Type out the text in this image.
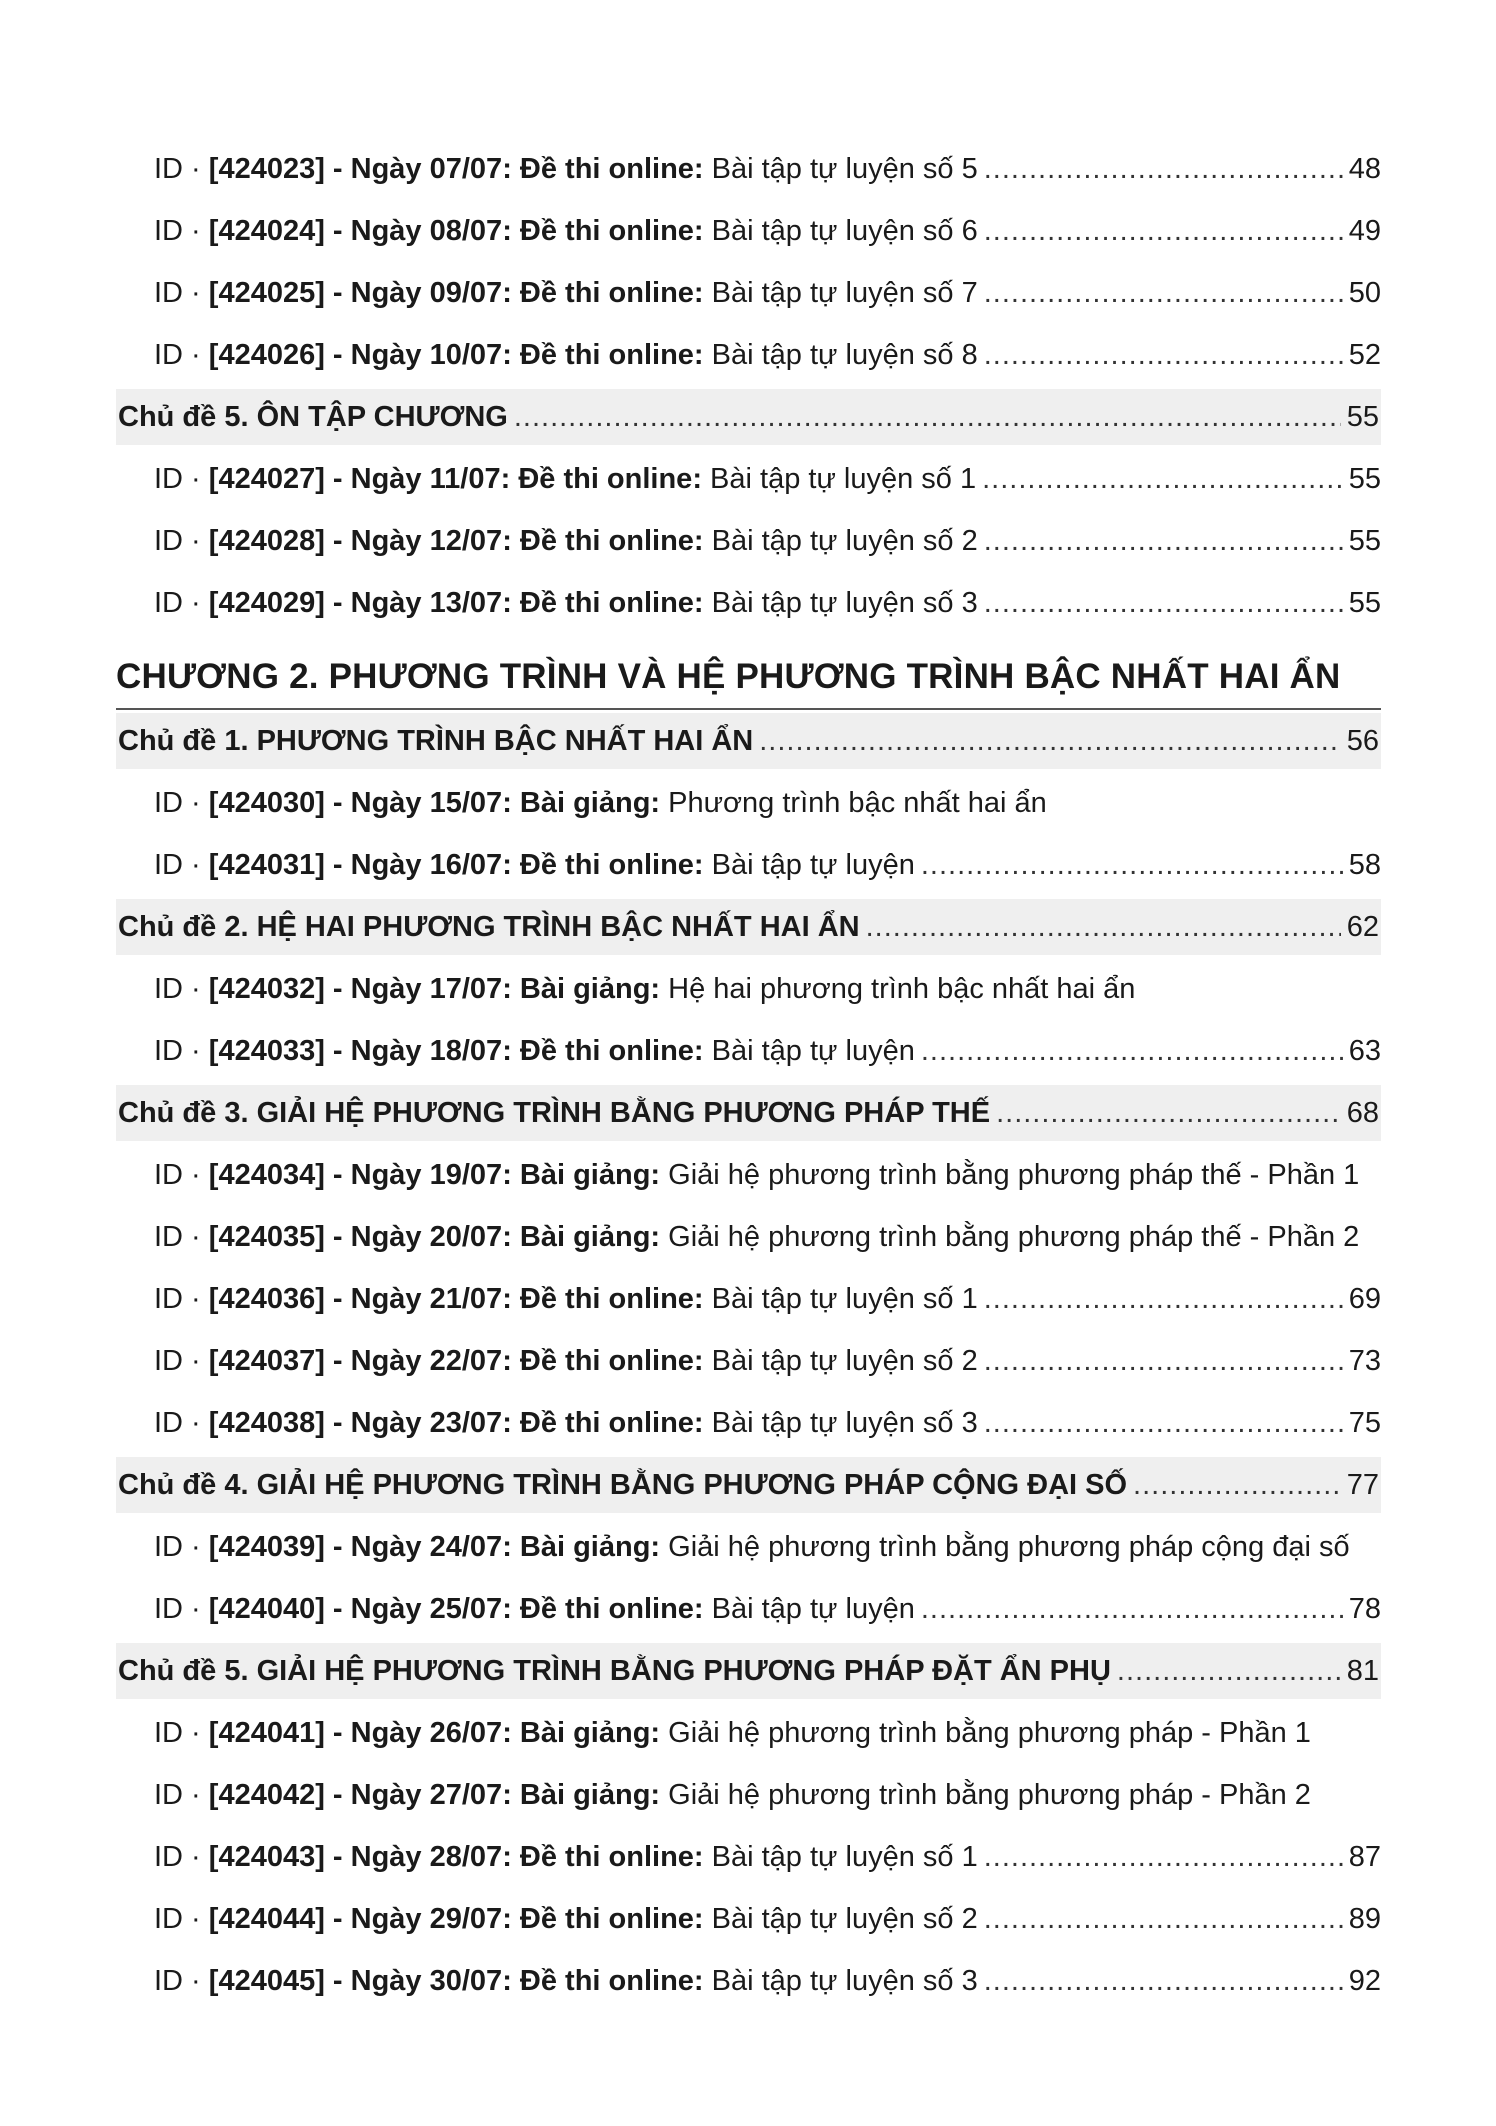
ID · [424023] - Ngày 07/07: Đề thi online: Bài tập tự luyện số 5 .....	48
ID · [424024] - Ngày 08/07: Đề thi online: Bài tập tự luyện số 6 .....	49
ID · [424025] - Ngày 09/07: Đề thi online: Bài tập tự luyện số 7 .....	50
ID · [424026] - Ngày 10/07: Đề thi online: Bài tập tự luyện số 8 .....	52
Chủ đề 5. ÔN TẬP CHƯƠNG .....	55
ID · [424027] - Ngày 11/07: Đề thi online: Bài tập tự luyện số 1 .....	55
ID · [424028] - Ngày 12/07: Đề thi online: Bài tập tự luyện số 2 .....	55
ID · [424029] - Ngày 13/07: Đề thi online: Bài tập tự luyện số 3 .....	55
CHƯƠNG 2. PHƯƠNG TRÌNH VÀ HỆ PHƯƠNG TRÌNH BẬC NHẤT HAI ẨN
Chủ đề 1. PHƯƠNG TRÌNH BẬC NHẤT HAI ẨN .....	56
ID · [424030] - Ngày 15/07: Bài giảng: Phương trình bậc nhất hai ẩn
ID · [424031] - Ngày 16/07: Đề thi online: Bài tập tự luyện .....	58
Chủ đề 2. HỆ HAI PHƯƠNG TRÌNH BẬC NHẤT HAI ẨN .....	62
ID · [424032] - Ngày 17/07: Bài giảng: Hệ hai phương trình bậc nhất hai ẩn
ID · [424033] - Ngày 18/07: Đề thi online: Bài tập tự luyện .....	63
Chủ đề 3. GIẢI HỆ PHƯƠNG TRÌNH BẰNG PHƯƠNG PHÁP THẾ .....	68
ID · [424034] - Ngày 19/07: Bài giảng: Giải hệ phương trình bằng phương pháp thế - Phần 1
ID · [424035] - Ngày 20/07: Bài giảng: Giải hệ phương trình bằng phương pháp thế - Phần 2
ID · [424036] - Ngày 21/07: Đề thi online: Bài tập tự luyện số 1 .....	69
ID · [424037] - Ngày 22/07: Đề thi online: Bài tập tự luyện số 2 .....	73
ID · [424038] - Ngày 23/07: Đề thi online: Bài tập tự luyện số 3 .....	75
Chủ đề 4. GIẢI HỆ PHƯƠNG TRÌNH BẰNG PHƯƠNG PHÁP CỘNG ĐẠI SỐ .....	77
ID · [424039] - Ngày 24/07: Bài giảng: Giải hệ phương trình bằng phương pháp cộng đại số
ID · [424040] - Ngày 25/07: Đề thi online: Bài tập tự luyện .....	78
Chủ đề 5. GIẢI HỆ PHƯƠNG TRÌNH BẰNG PHƯƠNG PHÁP ĐẶT ẨN PHỤ .....	81
ID · [424041] - Ngày 26/07: Bài giảng: Giải hệ phương trình bằng phương pháp - Phần 1
ID · [424042] - Ngày 27/07: Bài giảng: Giải hệ phương trình bằng phương pháp - Phần 2
ID · [424043] - Ngày 28/07: Đề thi online: Bài tập tự luyện số 1 .....	87
ID · [424044] - Ngày 29/07: Đề thi online: Bài tập tự luyện số 2 .....	89
ID · [424045] - Ngày 30/07: Đề thi online: Bài tập tự luyện số 3 .....	92
